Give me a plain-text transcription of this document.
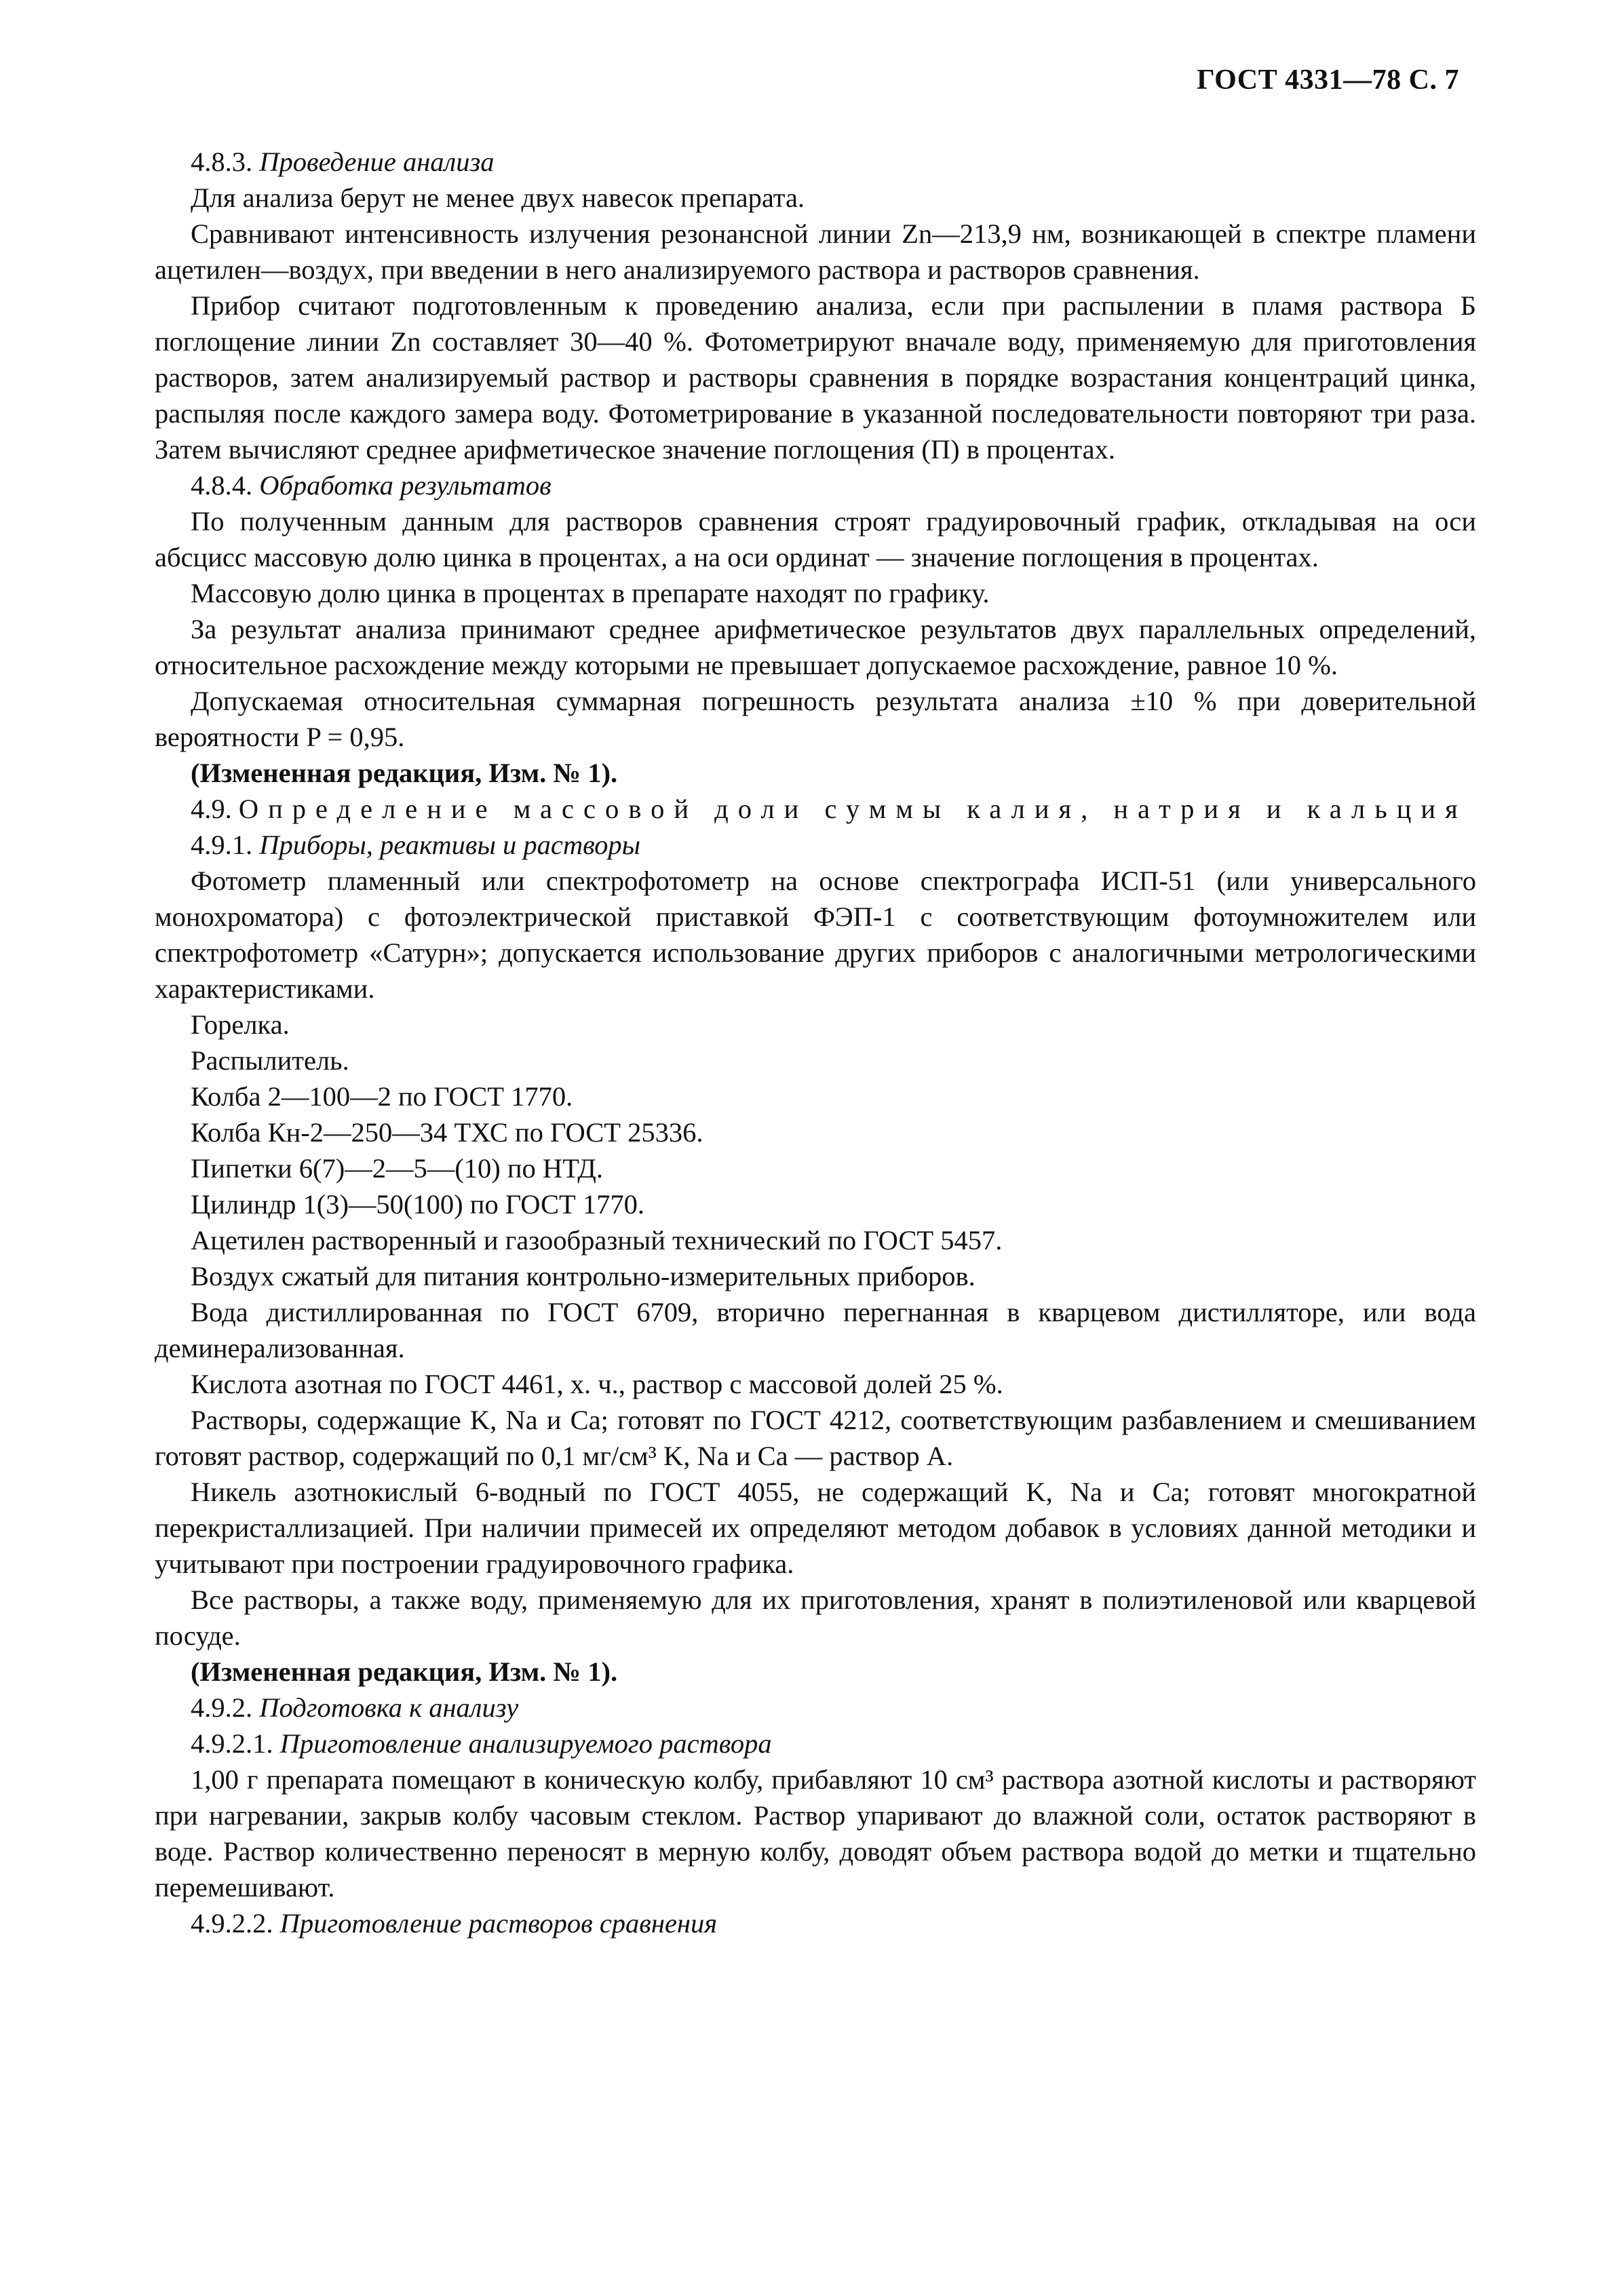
ГОСТ 4331—78 С. 7

4.8.3. Проведение анализа

Для анализа берут не менее двух навесок препарата.

Сравнивают интенсивность излучения резонансной линии Zn—213,9 нм, возникающей в спектре пламени ацетилен—воздух, при введении в него анализируемого раствора и растворов сравнения.

Прибор считают подготовленным к проведению анализа, если при распылении в пламя раствора Б поглощение линии Zn составляет 30—40 %. Фотометрируют вначале воду, применяемую для приготовления растворов, затем анализируемый раствор и растворы сравнения в порядке возрастания концентраций цинка, распыляя после каждого замера воду. Фотометрирование в указанной последовательности повторяют три раза. Затем вычисляют среднее арифметическое значение поглощения (П) в процентах.

4.8.4. Обработка результатов

По полученным данным для растворов сравнения строят градуировочный график, откладывая на оси абсцисс массовую долю цинка в процентах, а на оси ординат — значение поглощения в процентах.

Массовую долю цинка в процентах в препарате находят по графику.

За результат анализа принимают среднее арифметическое результатов двух параллельных определений, относительное расхождение между которыми не превышает допускаемое расхождение, равное 10 %.

Допускаемая относительная суммарная погрешность результата анализа ±10 % при доверительной вероятности P = 0,95.

(Измененная редакция, Изм. № 1).

4.9. Определение массовой доли суммы калия, натрия и кальция

4.9.1. Приборы, реактивы и растворы

Фотометр пламенный или спектрофотометр на основе спектрографа ИСП-51 (или универсального монохроматора) с фотоэлектрической приставкой ФЭП-1 с соответствующим фотоумножителем или спектрофотометр «Сатурн»; допускается использование других приборов с аналогичными метрологическими характеристиками.

Горелка.

Распылитель.

Колба 2—100—2 по ГОСТ 1770.

Колба Кн-2—250—34 ТХС по ГОСТ 25336.

Пипетки 6(7)—2—5—(10) по НТД.

Цилиндр 1(3)—50(100) по ГОСТ 1770.

Ацетилен растворенный и газообразный технический по ГОСТ 5457.

Воздух сжатый для питания контрольно-измерительных приборов.

Вода дистиллированная по ГОСТ 6709, вторично перегнанная в кварцевом дистилляторе, или вода деминерализованная.

Кислота азотная по ГОСТ 4461, х. ч., раствор с массовой долей 25 %.

Растворы, содержащие K, Na и Ca; готовят по ГОСТ 4212, соответствующим разбавлением и смешиванием готовят раствор, содержащий по 0,1 мг/см³ K, Na и Ca — раствор А.

Никель азотнокислый 6-водный по ГОСТ 4055, не содержащий K, Na и Ca; готовят многократной перекристаллизацией. При наличии примесей их определяют методом добавок в условиях данной методики и учитывают при построении градуировочного графика.

Все растворы, а также воду, применяемую для их приготовления, хранят в полиэтиленовой или кварцевой посуде.

(Измененная редакция, Изм. № 1).

4.9.2. Подготовка к анализу

4.9.2.1. Приготовление анализируемого раствора

1,00 г препарата помещают в коническую колбу, прибавляют 10 см³ раствора азотной кислоты и растворяют при нагревании, закрыв колбу часовым стеклом. Раствор упаривают до влажной соли, остаток растворяют в воде. Раствор количественно переносят в мерную колбу, доводят объем раствора водой до метки и тщательно перемешивают.

4.9.2.2. Приготовление растворов сравнения
